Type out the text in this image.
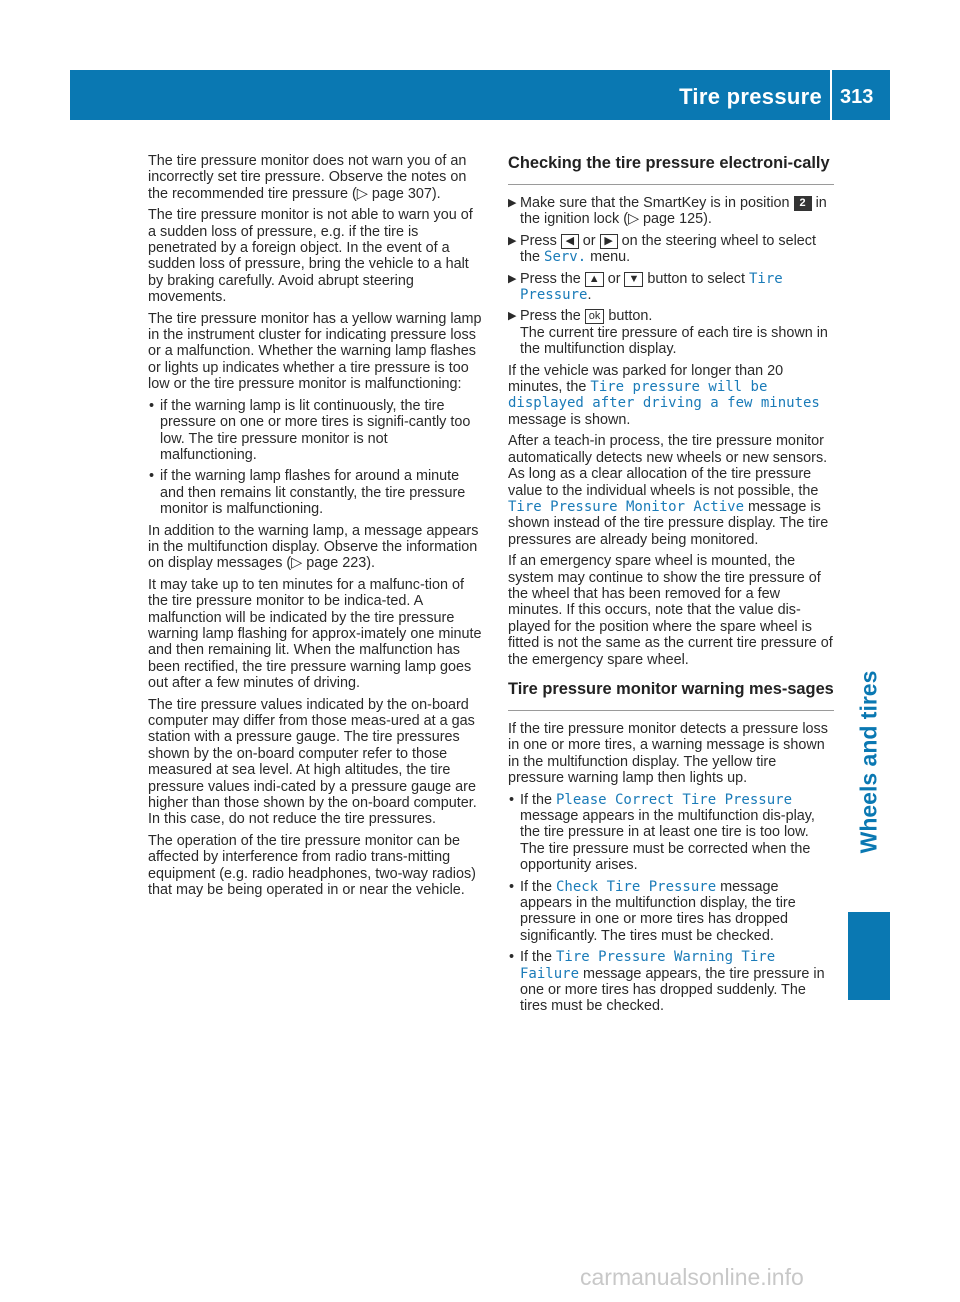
Tire pressure 313
Wheels and tires

The tire pressure monitor does not warn you of an incorrectly set tire pressure. Observe the notes on the recommended tire pressure (▷ page 307).

The tire pressure monitor is not able to warn you of a sudden loss of pressure, e.g. if the tire is penetrated by a foreign object. In the event of a sudden loss of pressure, bring the vehicle to a halt by braking carefully. Avoid abrupt steering movements.

The tire pressure monitor has a yellow warning lamp in the instrument cluster for indicating pressure loss or a malfunction. Whether the warning lamp flashes or lights up indicates whether a tire pressure is too low or the tire pressure monitor is malfunctioning:

• if the warning lamp is lit continuously, the tire pressure on one or more tires is signifi-cantly too low. The tire pressure monitor is not malfunctioning.
• if the warning lamp flashes for around a minute and then remains lit constantly, the tire pressure monitor is malfunctioning.

In addition to the warning lamp, a message appears in the multifunction display. Observe the information on display messages (▷ page 223).

It may take up to ten minutes for a malfunc-tion of the tire pressure monitor to be indica-ted. A malfunction will be indicated by the tire pressure warning lamp flashing for approx-imately one minute and then remaining lit. When the malfunction has been rectified, the tire pressure warning lamp goes out after a few minutes of driving.

The tire pressure values indicated by the on-board computer may differ from those meas-ured at a gas station with a pressure gauge. The tire pressures shown by the on-board computer refer to those measured at sea level. At high altitudes, the tire pressure values indi-cated by a pressure gauge are higher than those shown by the on-board computer. In this case, do not reduce the tire pressures.

The operation of the tire pressure monitor can be affected by interference from radio trans-mitting equipment (e.g. radio headphones, two-way radios) that may be being operated in or near the vehicle.

Checking the tire pressure electroni-cally
▶ Make sure that the SmartKey is in position 2 in the ignition lock (▷ page 125).
▶ Press ◀ or ▶ on the steering wheel to select the Serv. menu.
▶ Press the ▲ or ▼ button to select Tire Pressure.
▶ Press the ok button.
The current tire pressure of each tire is shown in the multifunction display.

If the vehicle was parked for longer than 20 minutes, the Tire pressure will be displayed after driving a few minutes message is shown.

After a teach-in process, the tire pressure monitor automatically detects new wheels or new sensors. As long as a clear allocation of the tire pressure value to the individual wheels is not possible, the Tire Pressure Monitor Active message is shown instead of the tire pressure display. The tire pressures are already being monitored.

If an emergency spare wheel is mounted, the system may continue to show the tire pressure of the wheel that has been removed for a few minutes. If this occurs, note that the value dis-played for the position where the spare wheel is fitted is not the same as the current tire pressure of the emergency spare wheel.

Tire pressure monitor warning mes-sages

If the tire pressure monitor detects a pressure loss in one or more tires, a warning message is shown in the multifunction display. The yellow tire pressure warning lamp then lights up.

• If the Please Correct Tire Pressure message appears in the multifunction dis-play, the tire pressure in at least one tire is too low. The tire pressure must be corrected when the opportunity arises.
• If the Check Tire Pressure message appears in the multifunction display, the tire pressure in one or more tires has dropped significantly. The tires must be checked.
• If the Tire Pressure Warning Tire Failure message appears, the tire pressure in one or more tires has dropped suddenly. The tires must be checked.
carmanualsonline.info
